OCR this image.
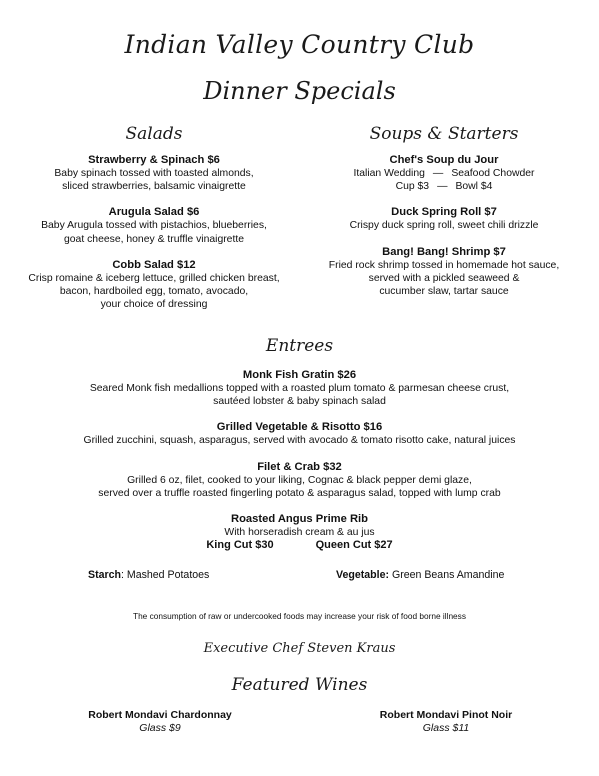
Indian Valley Country Club
Dinner Specials
Salads
Strawberry & Spinach $6
Baby spinach tossed with toasted almonds,
sliced strawberries, balsamic vinaigrette
Arugula Salad $6
Baby Arugula tossed with pistachios, blueberries,
goat cheese, honey & truffle vinaigrette
Cobb Salad $12
Crisp romaine & iceberg lettuce, grilled chicken breast,
bacon, hardboiled egg, tomato, avocado,
your choice of dressing
Soups & Starters
Chef's Soup du Jour
Italian Wedding — Seafood Chowder
Cup $3 — Bowl $4
Duck Spring Roll $7
Crispy duck spring roll, sweet chili drizzle
Bang! Bang! Shrimp $7
Fried rock shrimp tossed in homemade hot sauce,
served with a pickled seaweed &
cucumber slaw, tartar sauce
Entrees
Monk Fish Gratin $26
Seared Monk fish medallions topped with a roasted plum tomato & parmesan cheese crust,
sautéed lobster & baby spinach salad
Grilled Vegetable & Risotto $16
Grilled zucchini, squash, asparagus, served with avocado & tomato risotto cake, natural juices
Filet & Crab $32
Grilled 6 oz, filet, cooked to your liking, Cognac & black pepper demi glaze,
served over a truffle roasted fingerling potato & asparagus salad, topped with lump crab
Roasted Angus Prime Rib
With horseradish cream & au jus
King Cut $30	Queen Cut $27
Starch: Mashed Potatoes	Vegetable: Green Beans Amandine
The consumption of raw or undercooked foods may increase your risk of food borne illness
Executive Chef Steven Kraus
Featured Wines
Robert Mondavi Chardonnay
Glass $9
Robert Mondavi Pinot Noir
Glass $11
